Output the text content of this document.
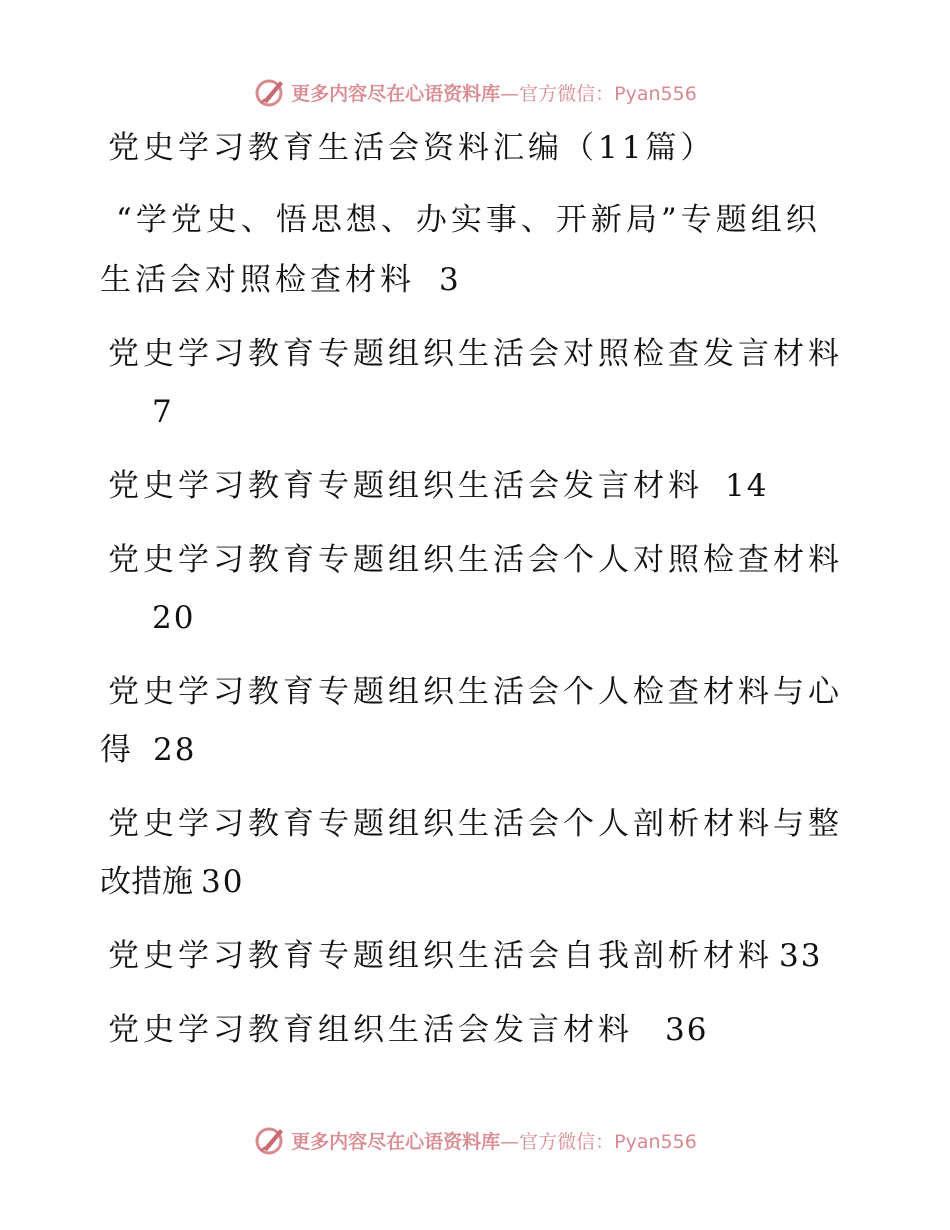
更多内容尽在心语资料库 —官方微信：Pyan556
党史学习教育生活会资料汇编（11篇）
“学党史、悟思想、办实事、开新局”专题组织
生活会对照检查材料 3
党史学习教育专题组织生活会对照检查发言材料
7
党史学习教育专题组织生活会发言材料 14
党史学习教育专题组织生活会个人对照检查材料
20
党史学习教育专题组织生活会个人检查材料与心
得 28
党史学习教育专题组织生活会个人剖析材料与整
改措施 30
党史学习教育专题组织生活会自我剖析材料 33
党史学习教育组织生活会发言材料 36
更多内容尽在心语资料库 —官方微信：Pyan556
